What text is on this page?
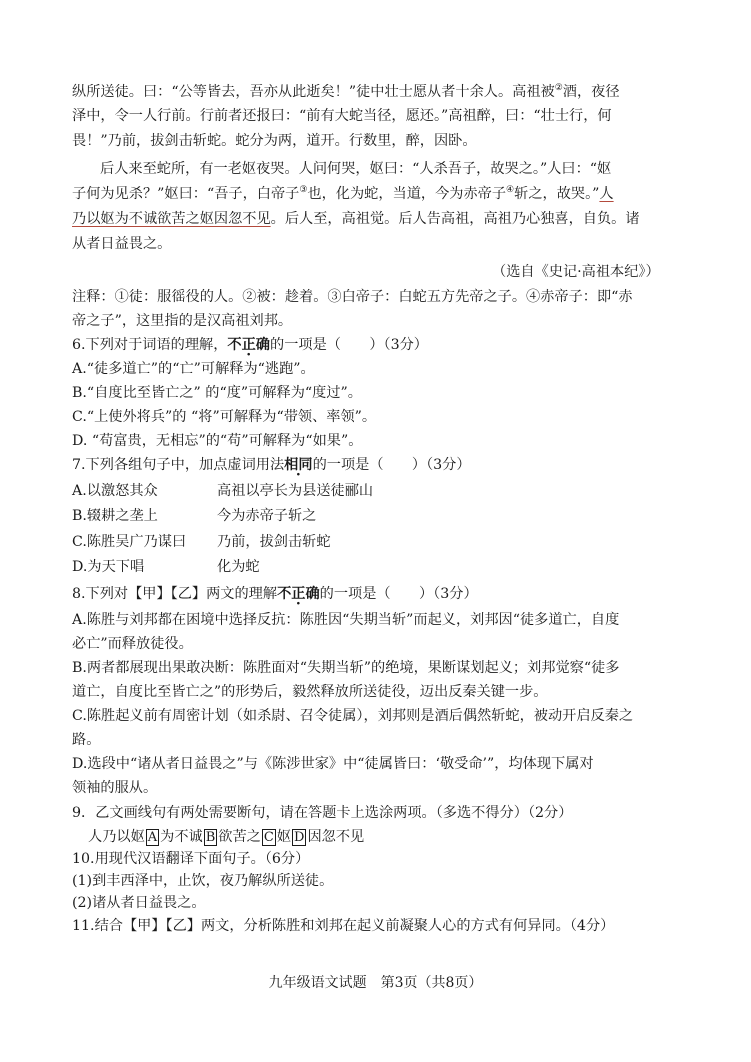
纵所送徒。曰：“公等皆去，吾亦从此逝矣！”徒中壮士愿从者十余人。高祖被②酒，夜径
泽中，令一人行前。行前者还报曰：“前有大蛇当径，愿还。”高祖醉，曰：“壮士行，何
畏！”乃前，拔剑击斩蛇。蛇分为两，道开。行数里，醉，因卧。
后人来至蛇所，有一老妪夜哭。人问何哭，妪曰：“人杀吾子，故哭之。”人曰：“妪
子何为见杀？”妪曰：“吾子，白帝子③也，化为蛇，当道，今为赤帝子④斩之，故哭。”人
乃以妪为不诚欲苦之妪因忽不见。后人至，高祖觉。后人告高祖，高祖乃心独喜，自负。诸
从者日益畏之。
（选自《史记·高祖本纪》）
注释：①徒：服徭役的人。②被：趁着。③白帝子：白蛇五方先帝之子。④赤帝子：即“赤
帝之子”，这里指的是汉高祖刘邦。
6.下列对于词语的理解，不正确的一项是（　　）（3分）
A.“徒多道亡”的“亡”可解释为“逃跑”。
B.“自度比至皆亡之” 的“度”可解释为“度过”。
C.“上使外将兵”的 “将”可解释为“带领、率领”。
D. “苟富贵，无相忘”的“苟”可解释为“如果”。
7.下列各组句子中，加点虚词用法相同的一项是（　　）（3分）
A.以激怒其众	高祖以亭长为县送徒郦山
B.辍耕之垄上	今为赤帝子斩之
C.陈胜吴广乃谋曰 乃前，拔剑击斩蛇
D.为天下唱	化为蛇
8.下列对【甲】【乙】两文的理解不正确的一项是（　　）（3分）
A.陈胜与刘邦都在困境中选择反抗：陈胜因“失期当斩”而起义，刘邦因“徒多道亡，自度
必亡”而释放徒役。
B.两者都展现出果敢决断：陈胜面对“失期当斩”的绝境，果断谋划起义；刘邦觉察“徒多
道亡，自度比至皆亡之”的形势后，毅然释放所送徒役，迈出反秦关键一步。
C.陈胜起义前有周密计划（如杀尉、召令徒属），刘邦则是酒后偶然斩蛇，被动开启反秦之
路。
D.选段中“诸从者日益畏之”与《陈涉世家》中“徒属皆曰：‘敬受命’”，均体现下属对
领袖的服从。
9．乙文画线句有两处需要断句，请在答题卡上选涂两项。（多选不得分）（2分）
人乃以妪 A 为不诚 B 欲苦之 C 妪 D 因忽不见
10.用现代汉语翻译下面句子。（6分）
(1)到丰西泽中，止饮，夜乃解纵所送徒。
(2)诸从者日益畏之。
11.结合【甲】【乙】两文，分析陈胜和刘邦在起义前凝聚人心的方式有何异同。（4分）
九年级语文试题　第3页（共8页）
